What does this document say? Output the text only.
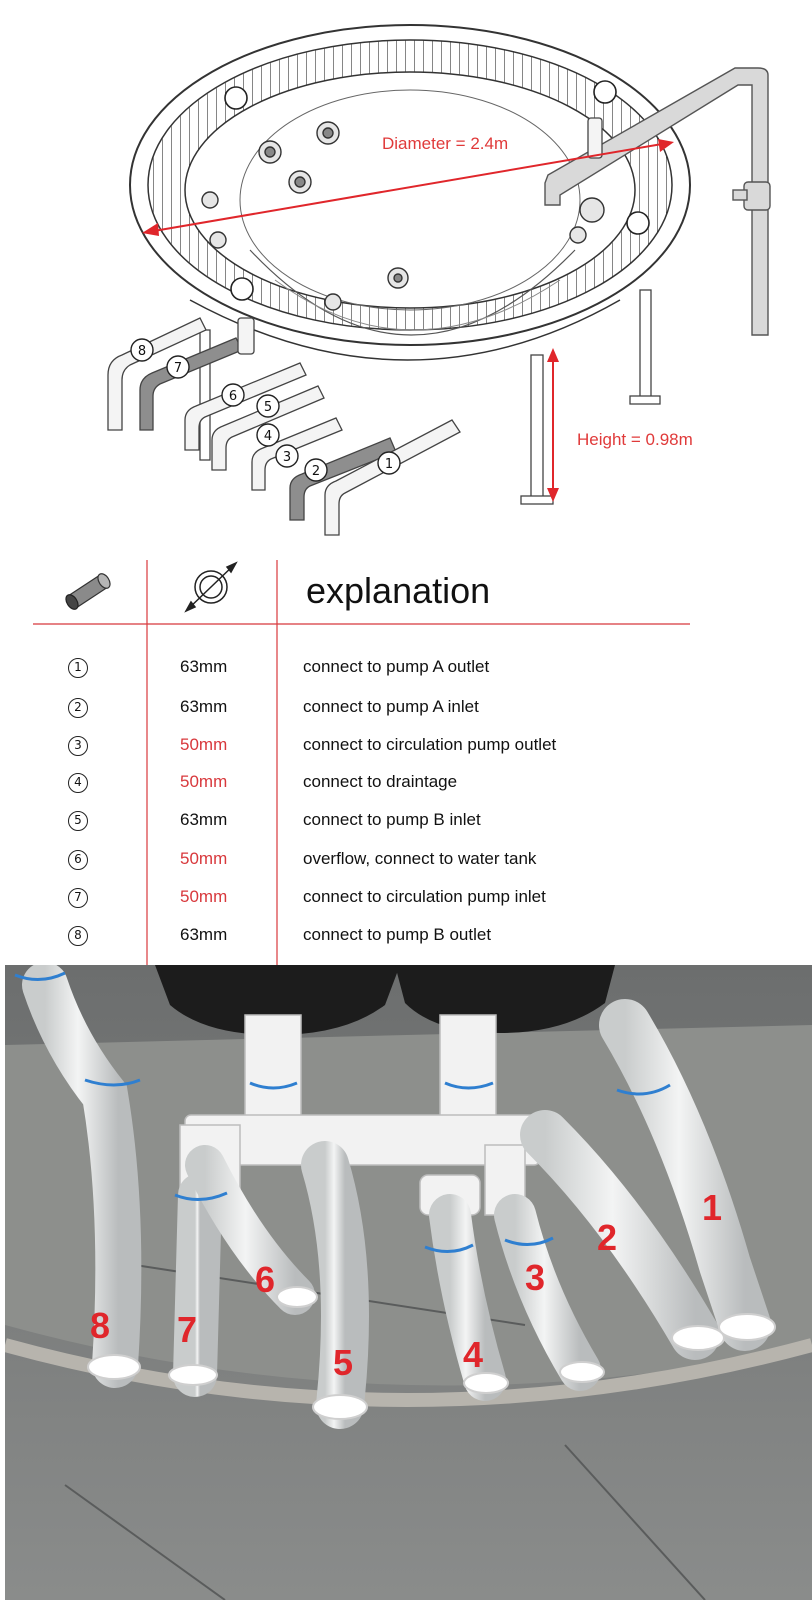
1
2
3
4
5
6
7
8
Diameter = 2.4m
Height = 0.98m
explanation
1	63mm	connect to pump A outlet
2	63mm	connect to pump A inlet
3	50mm	connect to circulation pump outlet
4	50mm	connect to draintage
5	63mm	connect to pump B inlet
6	50mm	overflow, connect to water tank
7	50mm	connect to circulation pump inlet
8	63mm	connect to pump B outlet
1
2
3
4
5
6
7
8
